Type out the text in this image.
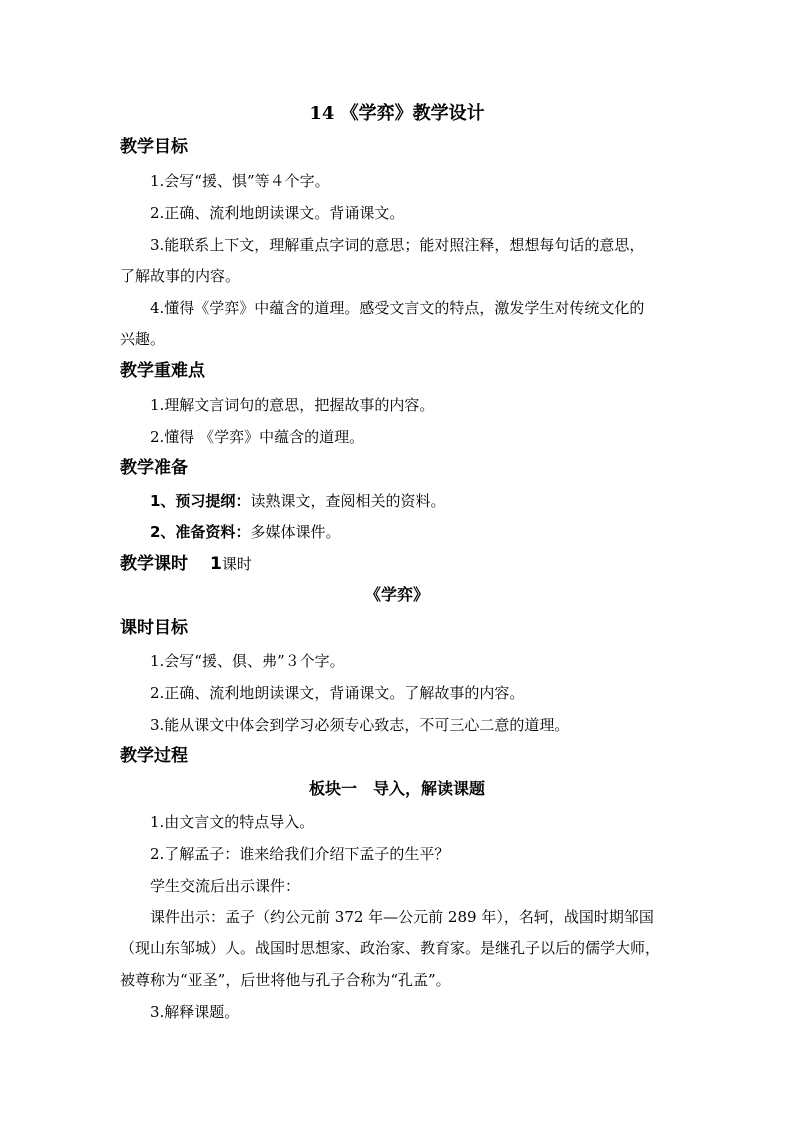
14 《学弈》教学设计
教学目标
1.会写“援、惧”等４个字。
2.正确、流利地朗读课文。背诵课文。
3.能联系上下文，理解重点字词的意思；能对照注释，想想每句话的意思，
了解故事的内容。
4.懂得《学弈》中蕴含的道理。感受文言文的特点，激发学生对传统文化的
兴趣。
教学重难点
1.理解文言词句的意思，把握故事的内容。
2.懂得 《学弈》中蕴含的道理。
教学准备
1、预习提纲：读熟课文，查阅相关的资料。
2、准备资料：多媒体课件。
教学课时 1课时
《学弈》
课时目标
1.会写“援、俱、弗”３个字。
2.正确、流利地朗读课文，背诵课文。了解故事的内容。
3.能从课文中体会到学习必须专心致志，不可三心二意的道理。
教学过程
板块一　导入，解读课题
1.由文言文的特点导入。
2.了解孟子：谁来给我们介绍下孟子的生平？
学生交流后出示课件：
课件出示：孟子（约公元前 372 年—公元前 289 年），名轲，战国时期邹国
（现山东邹城）人。战国时思想家、政治家、教育家。是继孔子以后的儒学大师，
被尊称为“亚圣”，后世将他与孔子合称为“孔孟”。
3.解释课题。
